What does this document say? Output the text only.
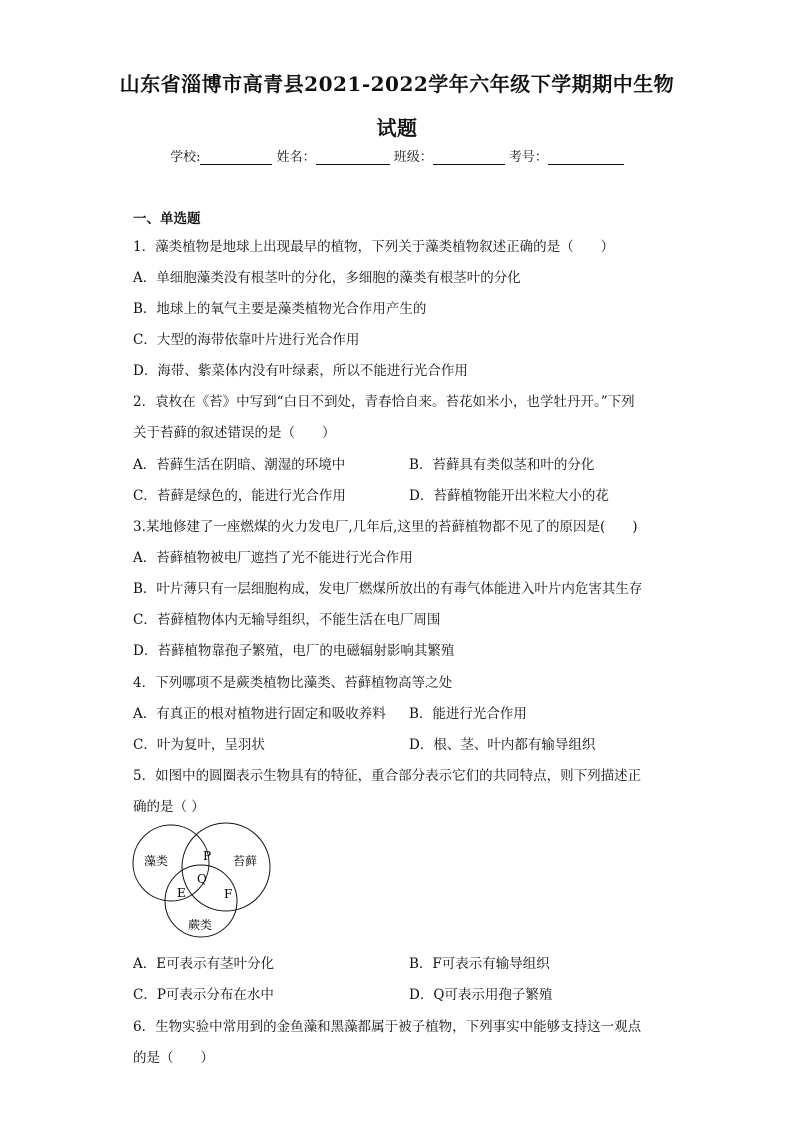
山东省淄博市高青县2021-2022学年六年级下学期期中生物
试题
学校:	姓名：	班级：	考号：
一、单选题
1．藻类植物是地球上出现最早的植物，下列关于藻类植物叙述正确的是（　　）
A．单细胞藻类没有根茎叶的分化，多细胞的藻类有根茎叶的分化
B．地球上的氧气主要是藻类植物光合作用产生的
C．大型的海带依靠叶片进行光合作用
D．海带、紫菜体内没有叶绿素，所以不能进行光合作用
2．袁枚在《苔》中写到“白日不到处，青春恰自来。苔花如米小，也学牡丹开。”下列
关于苔藓的叙述错误的是（　　）
A．苔藓生活在阴暗、潮湿的环境中	B．苔藓具有类似茎和叶的分化
C．苔藓是绿色的，能进行光合作用	D．苔藓植物能开出米粒大小的花
3.某地修建了一座燃煤的火力发电厂,几年后,这里的苔藓植物都不见了的原因是(　　)
A．苔藓植物被电厂遮挡了光不能进行光合作用
B．叶片薄只有一层细胞构成，发电厂燃煤所放出的有毒气体能进入叶片内危害其生存
C．苔藓植物体内无输导组织，不能生活在电厂周围
D．苔藓植物靠孢子繁殖，电厂的电磁辐射影响其繁殖
4．下列哪项不是蕨类植物比藻类、苔藓植物高等之处
A．有真正的根对植物进行固定和吸收养料 B．能进行光合作用
C．叶为复叶，呈羽状	D．根、茎、叶内都有输导组织
5．如图中的圆圈表示生物具有的特征，重合部分表示它们的共同特点，则下列描述正
确的是（ ）
藻类	苔藓
蕨类
P
Q
E	F
A．E可表示有茎叶分化	B．F可表示有输导组织
C．P可表示分布在水中	D．Q可表示用孢子繁殖
6．生物实验中常用到的金鱼藻和黑藻都属于被子植物，下列事实中能够支持这一观点
的是（　　）
